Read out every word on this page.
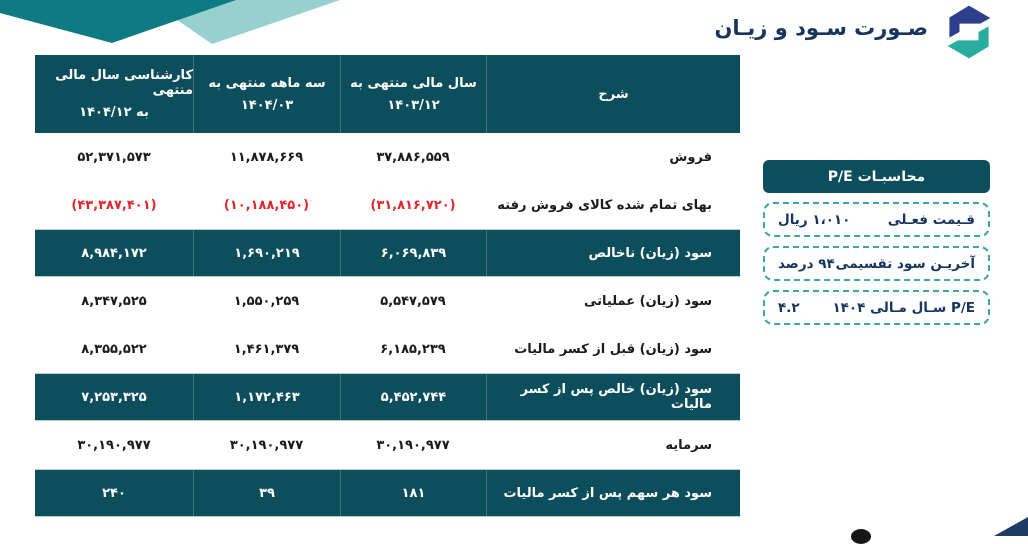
صـورت سـود و زیـان
شرح
سال مالی منتهی به
۱۴۰۳/۱۲
سه ماهه منتهی به
۱۴۰۴/۰۳
کارشناسی سال مالی منتهی
به ۱۴۰۴/۱۲
فروش
۳۷,۸۸۶,۵۵۹
۱۱,۸۷۸,۶۶۹
۵۲,۳۷۱,۵۷۳
بهای تمام شده کالای فروش رفته
(۳۱,۸۱۶,۷۲۰)
(۱۰,۱۸۸,۴۵۰)
(۴۳,۳۸۷,۴۰۱)
سود (زیان) ناخالص
۶,۰۶۹,۸۳۹
۱,۶۹۰,۲۱۹
۸,۹۸۴,۱۷۲
سود (زیان) عملیاتی
۵,۵۴۷,۵۷۹
۱,۵۵۰,۲۵۹
۸,۳۴۷,۵۲۵
سود (زیان) قبل از کسر مالیات
۶,۱۸۵,۲۳۹
۱,۴۶۱,۳۷۹
۸,۳۵۵,۵۲۲
سود (زیان) خالص پس از کسر مالیات
۵,۴۵۲,۷۴۴
۱,۱۷۲,۴۶۳
۷,۲۵۳,۳۲۵
سرمایه
۳۰,۱۹۰,۹۷۷
۳۰,۱۹۰,۹۷۷
۳۰,۱۹۰,۹۷۷
سود هر سهم پس از کسر مالیات
۱۸۱
۳۹
۲۴۰
محاسبـات P/E
قـیمت فعـلی
۱،۰۱۰ ریال
آخریـن سود تقسیمی
۹۴ درصد
P/E سـال مـالی ۱۴۰۴
۴.۲
